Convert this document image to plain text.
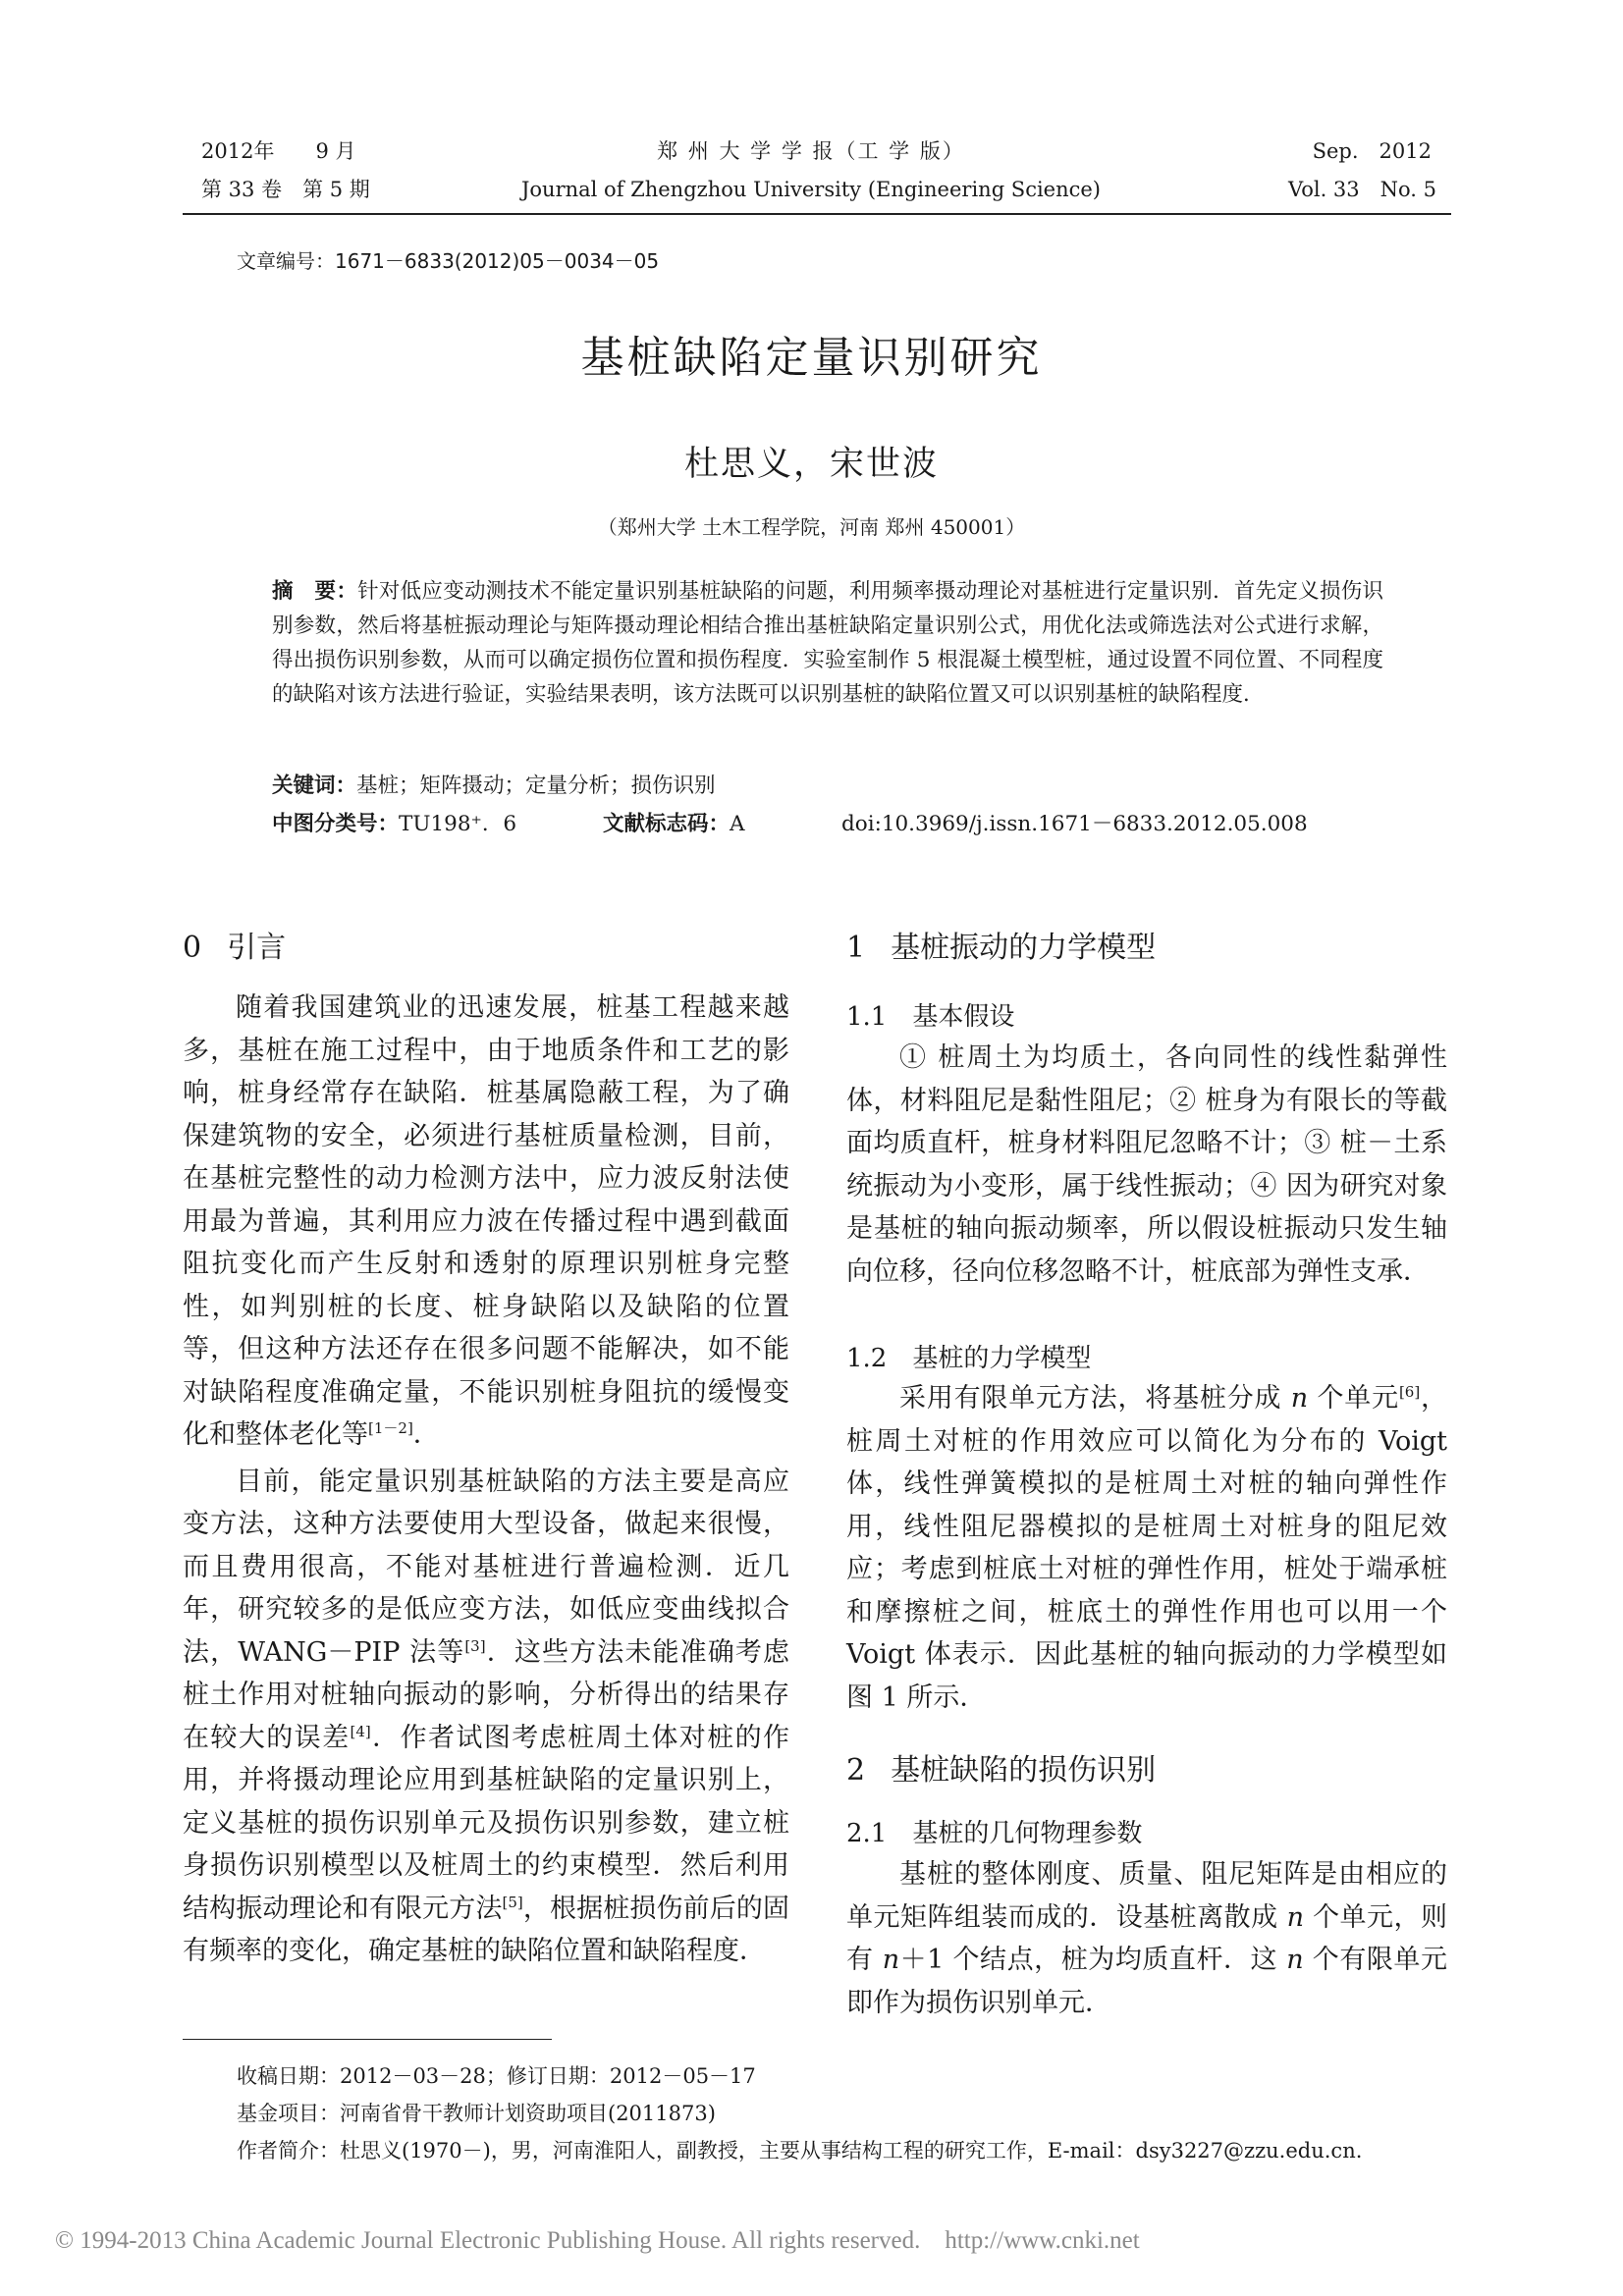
2012年　　9 月
第 33 卷　第 5 期
郑 州 大 学 学 报（工 学 版）
Journal of Zhengzhou University (Engineering Science)
Sep.　2012
Vol. 33　No. 5
文章编号：1671－6833(2012)05－0034－05
基桩缺陷定量识别研究
杜思义，宋世波
（郑州大学 土木工程学院，河南 郑州 450001）
摘　要：针对低应变动测技术不能定量识别基桩缺陷的问题，利用频率摄动理论对基桩进行定量识别．首先定义损伤识别参数，然后将基桩振动理论与矩阵摄动理论相结合推出基桩缺陷定量识别公式，用优化法或筛选法对公式进行求解，得出损伤识别参数，从而可以确定损伤位置和损伤程度．实验室制作 5 根混凝土模型桩，通过设置不同位置、不同程度的缺陷对该方法进行验证，实验结果表明，该方法既可以识别基桩的缺陷位置又可以识别基桩的缺陷程度．
关键词：基桩；矩阵摄动；定量分析；损伤识别
中图分类号：TU198⁺．6	文献标志码：A	doi:10.3969/j.issn.1671－6833.2012.05.008
0 引言

随着我国建筑业的迅速发展，桩基工程越来越多，基桩在施工过程中，由于地质条件和工艺的影响，桩身经常存在缺陷．桩基属隐蔽工程，为了确保建筑物的安全，必须进行基桩质量检测，目前，在基桩完整性的动力检测方法中，应力波反射法使用最为普遍，其利用应力波在传播过程中遇到截面阻抗变化而产生反射和透射的原理识别桩身完整性，如判别桩的长度、桩身缺陷以及缺陷的位置等，但这种方法还存在很多问题不能解决，如不能对缺陷程度准确定量，不能识别桩身阻抗的缓慢变化和整体老化等[1－2]．

目前，能定量识别基桩缺陷的方法主要是高应变方法，这种方法要使用大型设备，做起来很慢，而且费用很高，不能对基桩进行普遍检测．近几年，研究较多的是低应变方法，如低应变曲线拟合法，WANG－PIP 法等[3]．这些方法未能准确考虑桩土作用对桩轴向振动的影响，分析得出的结果存在较大的误差[4]．作者试图考虑桩周土体对桩的作用，并将摄动理论应用到基桩缺陷的定量识别上，定义基桩的损伤识别单元及损伤识别参数，建立桩身损伤识别模型以及桩周土的约束模型．然后利用结构振动理论和有限元方法[5]，根据桩损伤前后的固有频率的变化，确定基桩的缺陷位置和缺陷程度．

1 基桩振动的力学模型
1.1 基本假设

① 桩周土为均质土，各向同性的线性黏弹性体，材料阻尼是黏性阻尼；② 桩身为有限长的等截面均质直杆，桩身材料阻尼忽略不计；③ 桩－土系统振动为小变形，属于线性振动；④ 因为研究对象是基桩的轴向振动频率，所以假设桩振动只发生轴向位移，径向位移忽略不计，桩底部为弹性支承．

1.2 基桩的力学模型

采用有限单元方法，将基桩分成 n 个单元[6]，桩周土对桩的作用效应可以简化为分布的 Voigt 体，线性弹簧模拟的是桩周土对桩的轴向弹性作用，线性阻尼器模拟的是桩周土对桩身的阻尼效应；考虑到桩底土对桩的弹性作用，桩处于端承桩和摩擦桩之间，桩底土的弹性作用也可以用一个 Voigt 体表示．因此基桩的轴向振动的力学模型如图 1 所示．

2 基桩缺陷的损伤识别
2.1 基桩的几何物理参数

基桩的整体刚度、质量、阻尼矩阵是由相应的单元矩阵组装而成的．设基桩离散成 n 个单元，则有 n＋1 个结点，桩为均质直杆．这 n 个有限单元即作为损伤识别单元．

收稿日期：2012－03－28；修订日期：2012－05－17
基金项目：河南省骨干教师计划资助项目(2011873)
作者简介：杜思义(1970－)，男，河南淮阳人，副教授，主要从事结构工程的研究工作，E-mail：dsy3227@zzu.edu.cn.
© 1994-2013 China Academic Journal Electronic Publishing House. All rights reserved.　http://www.cnki.net
